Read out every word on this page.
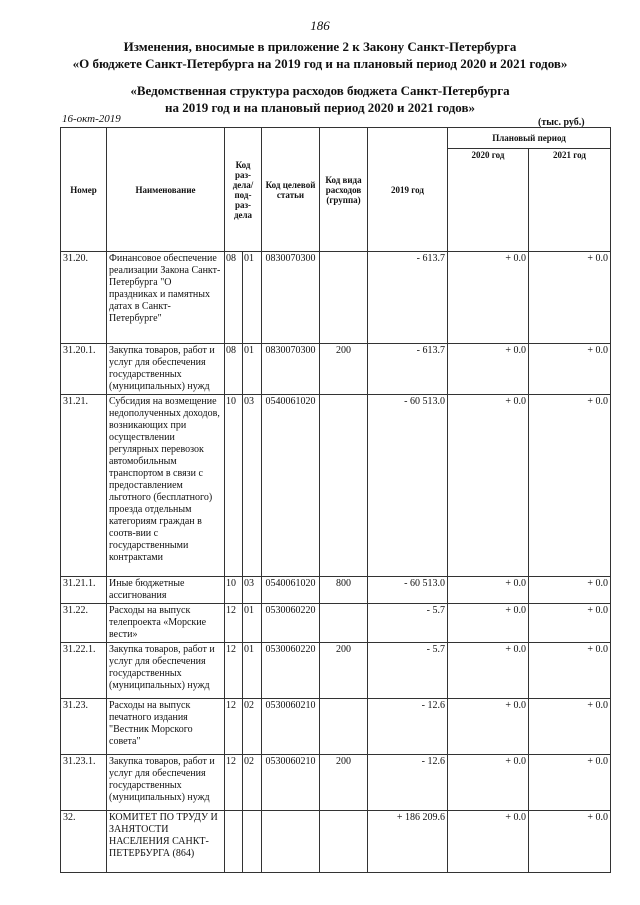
186
Изменения, вносимые в приложение 2 к Закону Санкт-Петербурга
«О бюджете Санкт-Петербурга на 2019 год и на плановый период 2020 и 2021 годов»
«Ведомственная структура расходов бюджета Санкт-Петербурга
на 2019 год и на плановый период 2020 и 2021 годов»
16-окт-2019	(тыс. руб.)
Номер	Наименование	Код раз- дела/ под- раз- дела		Код целевой статьи	Код вида расходов (группа)	2019 год	Плановый период	
							2020 год	2021 год
31.20.	Финансовое обеспечение реализации Закона Санкт-Петербурга "О праздниках и памятных датах в Санкт-Петербурге"	08	01	0830070300		- 613.7	+ 0.0	+ 0.0
31.20.1.	Закупка товаров, работ и услуг для обеспечения государственных (муниципальных) нужд	08	01	0830070300	200	- 613.7	+ 0.0	+ 0.0
31.21.	Субсидия на возмещение недополученных доходов, возникающих при осуществлении регулярных перевозок автомобильным транспортом в связи с предоставлением льготного (бесплатного) проезда отдельным категориям граждан в соотв-вии с государственными контрактами	10	03	0540061020		- 60 513.0	+ 0.0	+ 0.0
31.21.1.	Иные бюджетные ассигнования	10	03	0540061020	800	- 60 513.0	+ 0.0	+ 0.0
31.22.	Расходы на выпуск телепроекта «Морские вести»	12	01	0530060220		- 5.7	+ 0.0	+ 0.0
31.22.1.	Закупка товаров, работ и услуг для обеспечения государственных (муниципальных) нужд	12	01	0530060220	200	- 5.7	+ 0.0	+ 0.0
31.23.	Расходы на выпуск печатного издания "Вестник Морского совета"	12	02	0530060210		- 12.6	+ 0.0	+ 0.0
31.23.1.	Закупка товаров, работ и услуг для обеспечения государственных (муниципальных) нужд	12	02	0530060210	200	- 12.6	+ 0.0	+ 0.0
32.	КОМИТЕТ ПО ТРУДУ И ЗАНЯТОСТИ НАСЕЛЕНИЯ САНКТ-ПЕТЕРБУРГА (864)					+ 186 209.6	+ 0.0	+ 0.0
